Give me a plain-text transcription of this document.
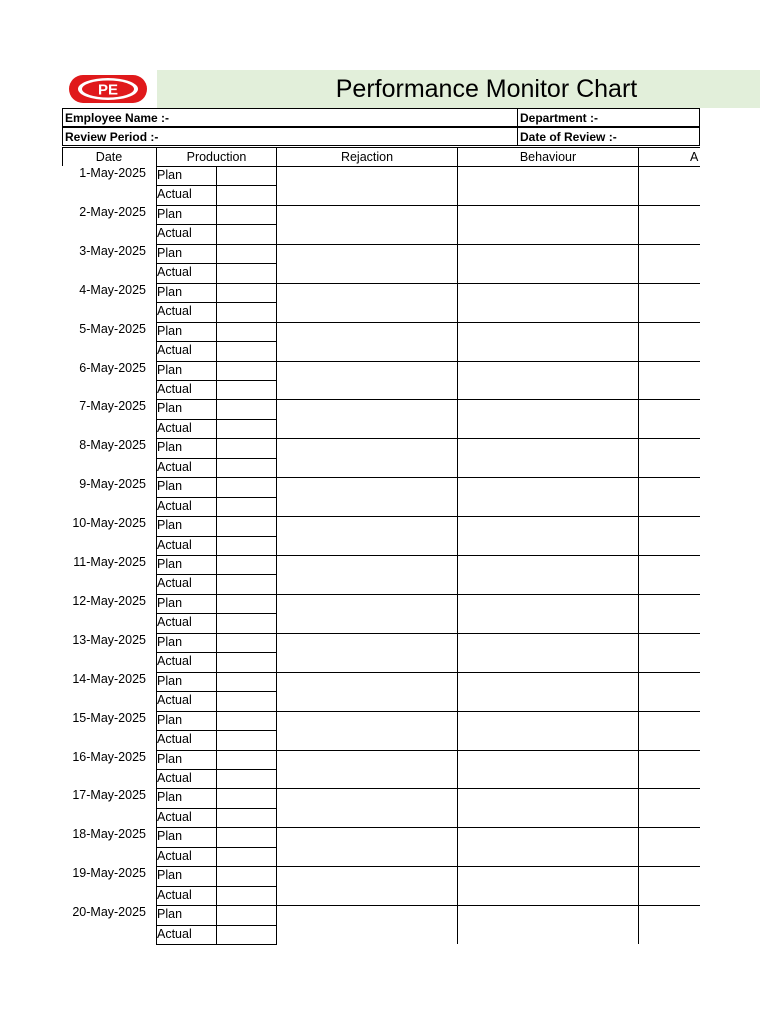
PE	Performance Monitor Chart
Employee Name :-	Department :-
Review Period :-	Date of Review :-
Date	Production	Rejaction	Behaviour	A
1-May-2025 Plan
Actual
2-May-2025 Plan
Actual
3-May-2025 Plan
Actual
4-May-2025 Plan
Actual
5-May-2025 Plan
Actual
6-May-2025 Plan
Actual
7-May-2025 Plan
Actual
8-May-2025 Plan
Actual
9-May-2025 Plan
Actual
10-May-2025 Plan
Actual
11-May-2025 Plan
Actual
12-May-2025 Plan
Actual
13-May-2025 Plan
Actual
14-May-2025 Plan
Actual
15-May-2025 Plan
Actual
16-May-2025 Plan
Actual
17-May-2025 Plan
Actual
18-May-2025 Plan
Actual
19-May-2025 Plan
Actual
20-May-2025 Plan
Actual
